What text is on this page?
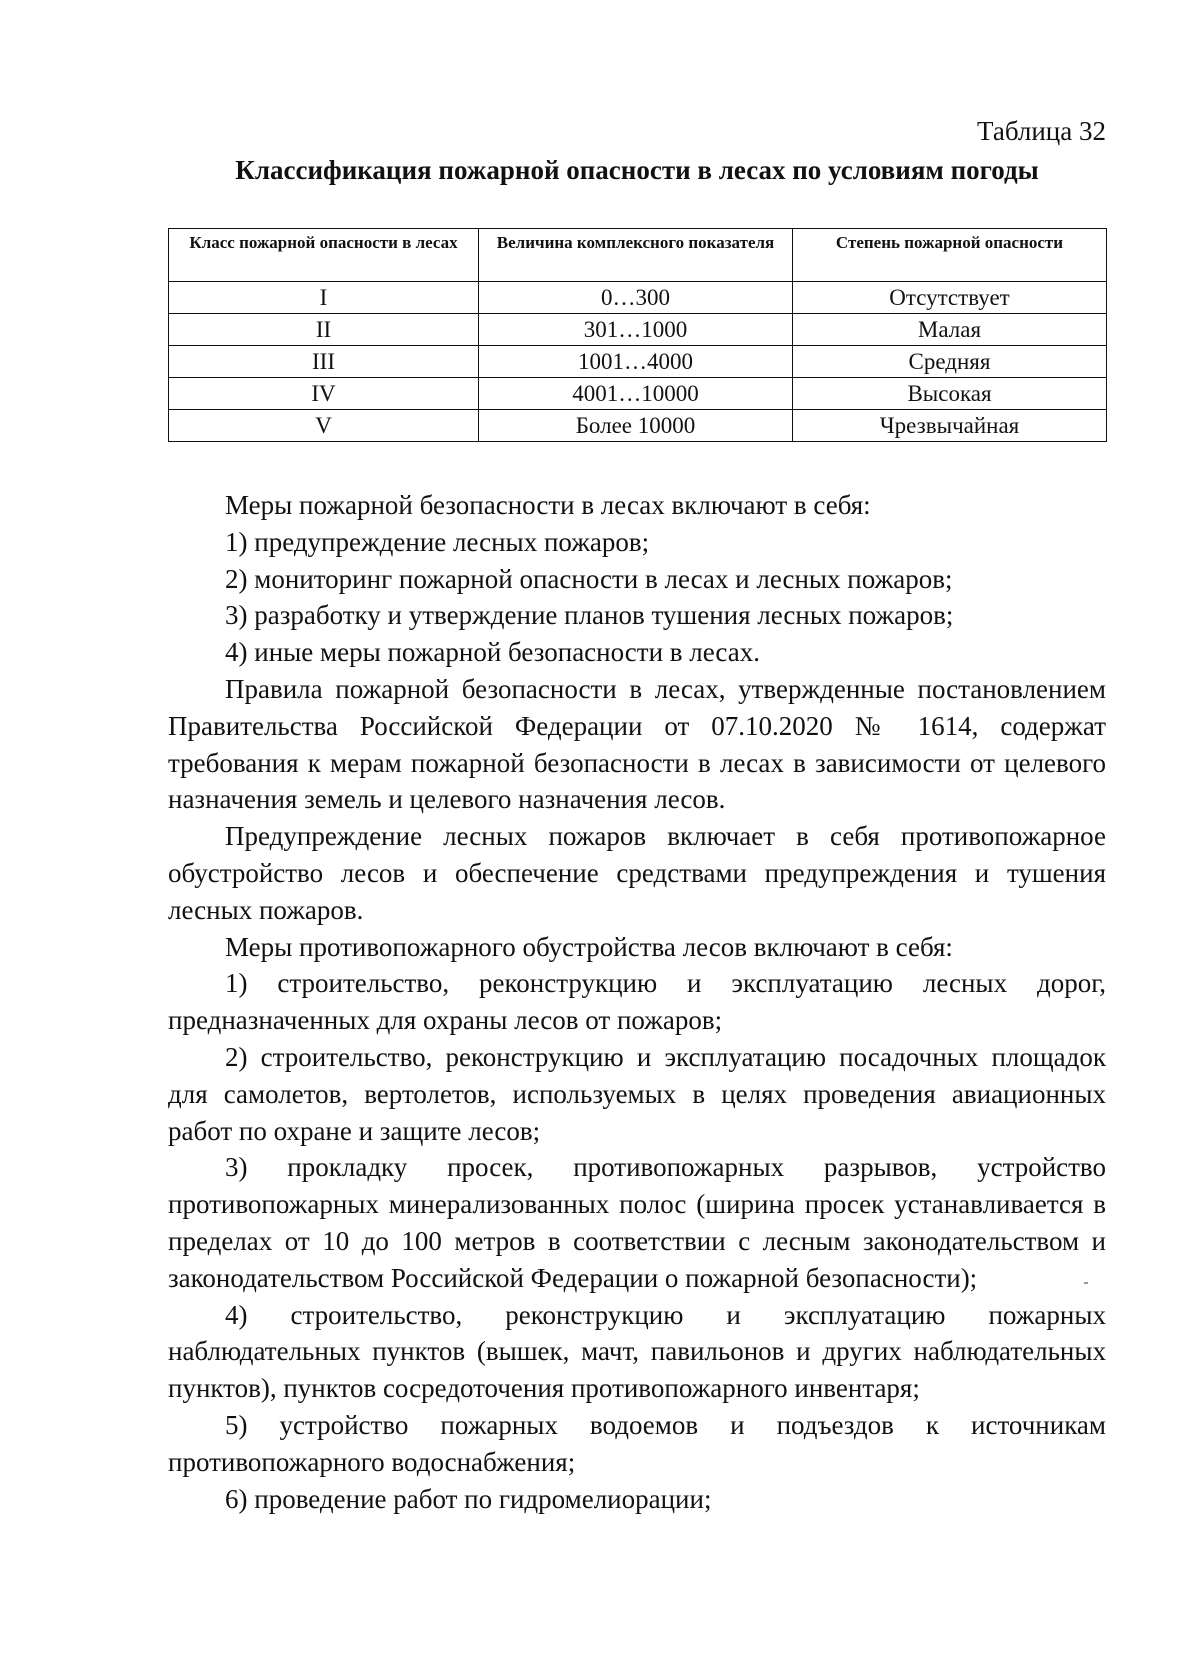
Таблица 32
Классификация пожарной опасности в лесах по условиям погоды
Класс пожарной опасности в лесах	Величина комплексного показателя	Степень пожарной опасности
I	0…300	Отсутствует
II	301…1000	Малая
III	1001…4000	Средняя
IV	4001…10000	Высокая
V	Более 10000	Чрезвычайная

Меры пожарной безопасности в лесах включают в себя:

1) предупреждение лесных пожаров;

2) мониторинг пожарной опасности в лесах и лесных пожаров;

3) разработку и утверждение планов тушения лесных пожаров;

4) иные меры пожарной безопасности в лесах.

Правила пожарной безопасности в лесах, утвержденные постановлением Правительства Российской Федерации от 07.10.2020 № 1614, содержат требования к мерам пожарной безопасности в лесах в зависимости от целевого назначения земель и целевого назначения лесов.

Предупреждение лесных пожаров включает в себя противопожарное обустройство лесов и обеспечение средствами предупреждения и тушения лесных пожаров.

Меры противопожарного обустройства лесов включают в себя:

1) строительство, реконструкцию и эксплуатацию лесных дорог, предназначенных для охраны лесов от пожаров;

2) строительство, реконструкцию и эксплуатацию посадочных площадок для самолетов, вертолетов, используемых в целях проведения авиационных работ по охране и защите лесов;

3) прокладку просек, противопожарных разрывов, устройство противопожарных минерализованных полос (ширина просек устанавливается в пределах от 10 до 100 метров в соответствии с лесным законодательством и законодательством Российской Федерации о пожарной безопасности);

4) строительство, реконструкцию и эксплуатацию пожарных наблюдательных пунктов (вышек, мачт, павильонов и других наблюдательных пунктов), пунктов сосредоточения противопожарного инвентаря;

5) устройство пожарных водоемов и подъездов к источникам противопожарного водоснабжения;

6) проведение работ по гидромелиорации;
